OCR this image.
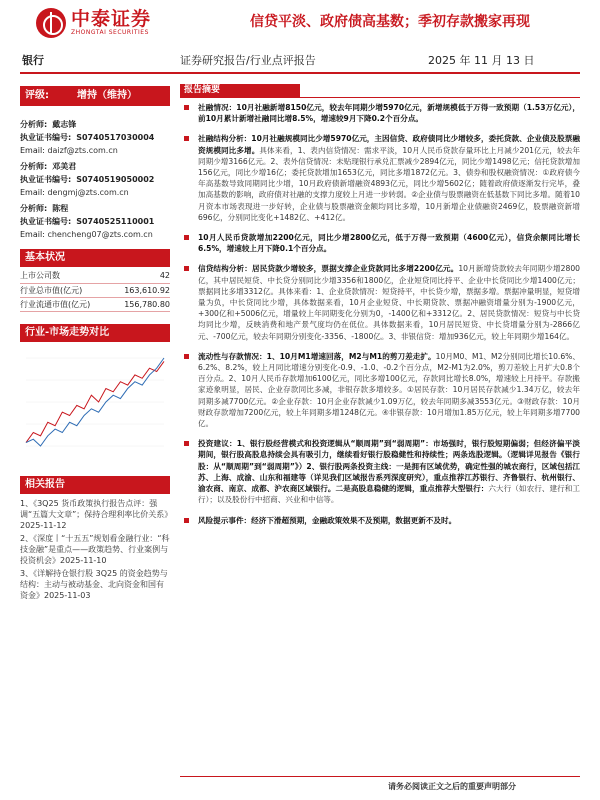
中泰证券
ZHONGTAI SECURITIES
信贷平淡、政府债高基数；季初存款搬家再现
银行	证券研究报告/行业点评报告	2025 年 11 月 13 日
评级:	增持（维持）
分析师: 戴志锋
执业证书编号: S0740517030004
Email:
daizf@zts.com.cn
分析师: 邓美君
执业证书编号: S0740519050002
Email:
dengmj@zts.com.cn
分析师: 陈程
执业证书编号: S0740525110001
Email:
chencheng07@zts.com.cn
基本状况
上市公司数	42
行业总市值(亿元)	163,610.92
行业流通市值(亿元)	156,780.80
行业-市场走势对比
相关报告
1、《3Q25 货币政策执行报告点评：强调“五篇大文章”；保持合理利率比价关系》2025-11-12
2、《深度丨“十五五”规划看金融行业：“科技金融”是重点——政策趋势、行业案例与投资机会》2025-11-10
3、《详解持仓银行股 3Q25 的资金趋势与结构：主动与被动基金、北向资金和国有资金》2025-11-03
报告摘要
社融情况：10月社融新增8150亿元，较去年同期少增5970亿元，新增规模低于万得一致预期（1.53万亿元），前10月累计新增社融同比增8.5%，增速较9月下降0.2个百分点。
社融结构分析：10月社融规模同比少增5970亿元，主因信贷、政府债同比少增较多，委托贷款、企业债及股票融资规模同比多增。具体来看，1、表内信贷情况：需求平淡，10月人民币贷款存量环比上月减少201亿元，较去年同期少增3166亿元。2、表外信贷情况：未贴现银行承兑汇票减少2894亿元，同比少增1498亿元；信托贷款增加156亿元，同比少增16亿；委托贷款增加1653亿元，同比多增1872亿元。3、债券和股权融资情况：①政府债今年高基数导致同期同比少增，10月政府债新增融资4893亿元，同比少增5602亿；随着政府债逐渐发行完毕，叠加高基数的影响，政府债对社融的支撑力度较上月进一步转弱。②企业债与股票融资在低基数下同比多增。随着10月资本市场表现进一步好转，企业债与股票融资金额均同比多增，10月新增企业债融资2469亿，股票融资新增696亿，分别同比变化+1482亿、+412亿。
10月人民币贷款增加2200亿元，同比少增2800亿元，低于万得一致预期（4600亿元），信贷余额同比增长6.5%，增速较上月下降0.1个百分点。
信贷结构分析：居民贷款少增较多，票据支撑企业贷款同比多增2200亿元。10月新增贷款较去年同期少增2800亿，其中居民短贷、中长贷分别同比少增3356和1800亿，企业短贷同比持平、企业中长贷同比少增1400亿元；票据同比多增3312亿。具体来看：1、企业贷款情况：短贷持平，中长贷少增，票据多增。票据冲量明显，短贷增量为负，中长贷同比少增，具体数据来看，10月企业短贷、中长期贷款、票据冲融资增量分别为-1900亿元，+300亿和+5006亿元，增量较上年同期变化分别为0，-1400亿和+3312亿。2、居民贷款情况：短贷与中长贷均同比少增，反映消费和地产景气度均仍在低位。具体数据来看，10月居民短贷、中长贷增量分别为-2866亿元、-700亿元，较去年同期分别变化-3356、-1800亿。3、非银信贷：增加936亿元，较上年同期少增164亿。
流动性与存款情况：1、10月M1增速回落，M2与M1的剪刀差走扩。10月M0、M1、M2分别同比增长10.6%、6.2%、8.2%，较上月同比增速分别变化-0.9、-1.0、-0.2个百分点，M2-M1为2.0%，剪刀差较上月扩大0.8个百分点。2、10月人民币存款增加6100亿元，同比多增100亿元，存款同比增长8.0%，增速较上月持平。存款搬家迹象明显，居民、企业存款同比多减，非银存款多增较多。①居民存款：10月居民存款减少1.34万亿，较去年同期多减7700亿元。②企业存款：10月企业存款减少1.09万亿，较去年同期多减3553亿元。③财政存款：10月财政存款增加7200亿元，较上年同期多增1248亿元。④非银存款：10月增加1.85万亿元，较上年同期多增7700亿。
投资建议：1、银行股经营模式和投资逻辑从“顺周期”到“弱周期”：市场强时，银行股短期偏弱；但经济偏平淡期间，银行股高股息持续会具有吸引力，继续看好银行股稳健性和持续性；两条选股逻辑。（逻辑详见报告《银行股：从“顺周期”到“弱周期”》）2、银行股两条投资主线：一是拥有区域优势，确定性强的城农商行，区域包括江苏、上海、成渝、山东和福建等（详见我们区域报告系列深度研究），重点推荐江苏银行、齐鲁银行、杭州银行、渝农商、南京、成都、沪农商区域银行。二是高股息稳健的逻辑，重点推荐大型银行：六大行（如农行、建行和工行）；以及股份行中招商、兴业和中信等。
风险提示事件：经济下滑超预期，金融政策效果不及预期，数据更新不及时。
请务必阅读正文之后的重要声明部分
